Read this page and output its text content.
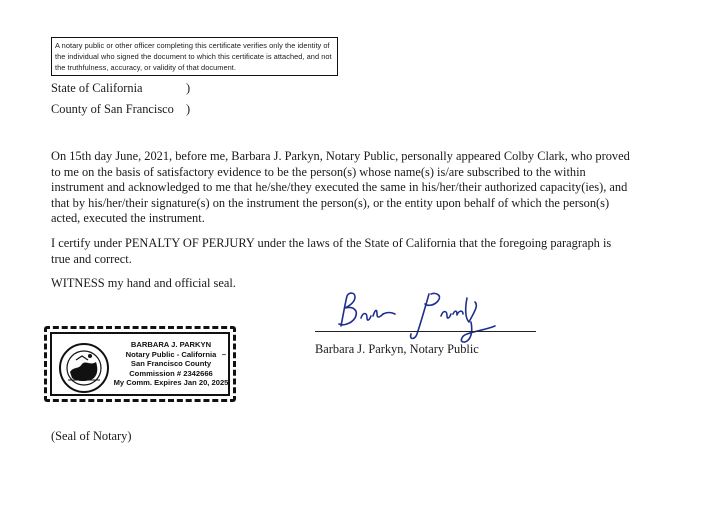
A notary public or other officer completing this certificate verifies only the identity of the individual who signed the document to which this certificate is attached, and not the truthfulness, accuracy, or validity of that document.
State of California	)
County of San Francisco )

On 15th day June, 2021, before me, Barbara J. Parkyn, Notary Public, personally appeared Colby Clark, who proved to me on the basis of satisfactory evidence to be the person(s) whose name(s) is/are subscribed to the within instrument and acknowledged to me that he/she/they executed the same in his/her/their authorized capacity(ies), and that by his/her/their signature(s) on the instrument the person(s), or the entity upon behalf of which the person(s) acted, executed the instrument.

I certify under PENALTY OF PERJURY under the laws of the State of California that the foregoing paragraph is true and correct.

WITNESS my hand and official seal.

Barbara J. Parkyn, Notary Public
BARBARA J. PARKYN
Notary Public - California
San Francisco County
Commission # 2342666
My Comm. Expires Jan 20, 2025
I
(Seal of Notary)
